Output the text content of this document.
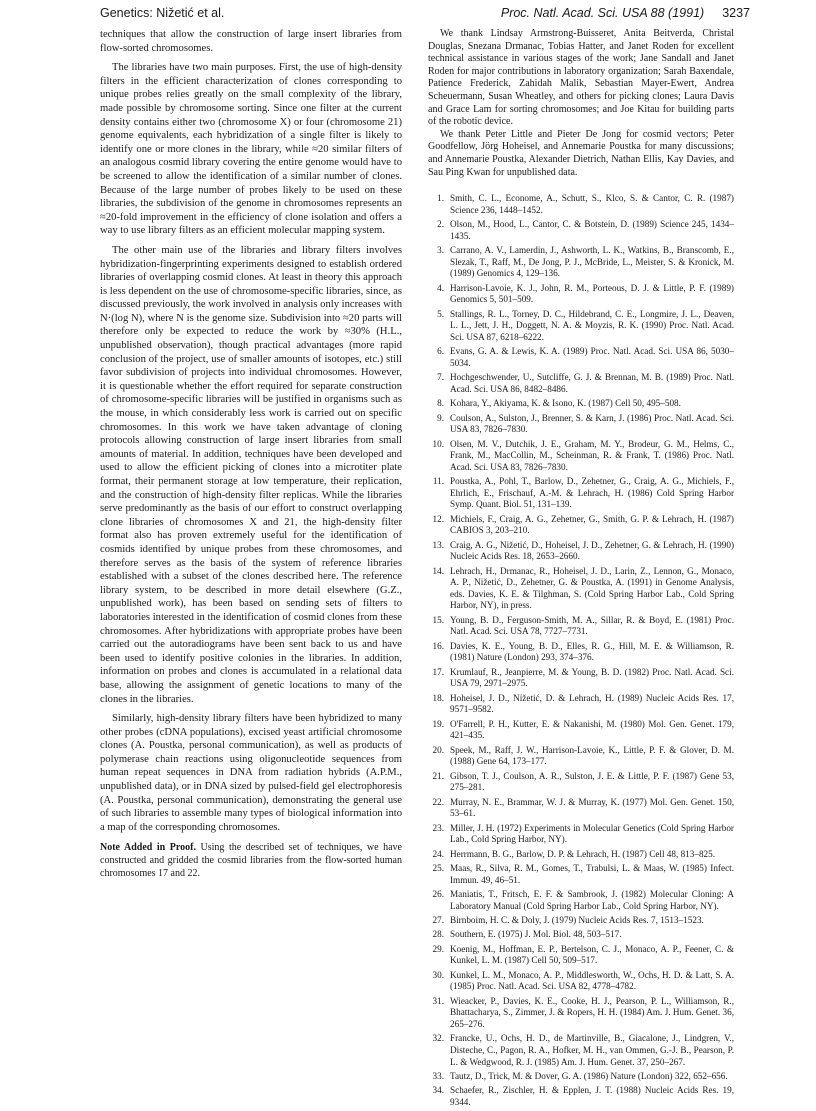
Genetics: Nižetić et al.	Proc. Natl. Acad. Sci. USA 88 (1991) 3237

techniques that allow the construction of large insert libraries from flow-sorted chromosomes.

The libraries have two main purposes. First, the use of high-density filters in the efficient characterization of clones corresponding to unique probes relies greatly on the small complexity of the library, made possible by chromosome sorting. Since one filter at the current density contains either two (chromosome X) or four (chromosome 21) genome equivalents, each hybridization of a single filter is likely to identify one or more clones in the library, while ≈20 similar filters of an analogous cosmid library covering the entire genome would have to be screened to allow the identification of a similar number of clones. Because of the large number of probes likely to be used on these libraries, the subdivision of the genome in chromosomes represents an ≈20-fold improvement in the efficiency of clone isolation and offers a way to use library filters as an efficient molecular mapping system.

The other main use of the libraries and library filters involves hybridization-fingerprinting experiments designed to establish ordered libraries of overlapping cosmid clones. At least in theory this approach is less dependent on the use of chromosome-specific libraries, since, as discussed previously, the work involved in analysis only increases with N·(log N), where N is the genome size. Subdivision into ≈20 parts will therefore only be expected to reduce the work by ≈30% (H.L., unpublished observation), though practical advantages (more rapid conclusion of the project, use of smaller amounts of isotopes, etc.) still favor subdivision of projects into individual chromosomes. However, it is questionable whether the effort required for separate construction of chromosome-specific libraries will be justified in organisms such as the mouse, in which considerably less work is carried out on specific chromosomes. In this work we have taken advantage of cloning protocols allowing construction of large insert libraries from small amounts of material. In addition, techniques have been developed and used to allow the efficient picking of clones into a microtiter plate format, their permanent storage at low temperature, their replication, and the construction of high-density filter replicas. While the libraries serve predominantly as the basis of our effort to construct overlapping clone libraries of chromosomes X and 21, the high-density filter format also has proven extremely useful for the identification of cosmids identified by unique probes from these chromosomes, and therefore serves as the basis of the system of reference libraries established with a subset of the clones described here. The reference library system, to be described in more detail elsewhere (G.Z., unpublished work), has been based on sending sets of filters to laboratories interested in the identification of cosmid clones from these chromosomes. After hybridizations with appropriate probes have been carried out the autoradiograms have been sent back to us and have been used to identify positive colonies in the libraries. In addition, information on probes and clones is accumulated in a relational data base, allowing the assignment of genetic locations to many of the clones in the libraries.

Similarly, high-density library filters have been hybridized to many other probes (cDNA populations), excised yeast artificial chromosome clones (A. Poustka, personal communication), as well as products of polymerase chain reactions using oligonucleotide sequences from human repeat sequences in DNA from radiation hybrids (A.P.M., unpublished data), or in DNA sized by pulsed-field gel electrophoresis (A. Poustka, personal communication), demonstrating the general use of such libraries to assemble many types of biological information into a map of the corresponding chromosomes.

Note Added in Proof. Using the described set of techniques, we have constructed and gridded the cosmid libraries from the flow-sorted human chromosomes 17 and 22.

We thank Lindsay Armstrong-Buisseret, Anita Beitverda, Christal Douglas, Snezana Drmanac, Tobias Hatter, and Janet Roden for excellent technical assistance in various stages of the work; Jane Sandall and Janet Roden for major contributions in laboratory organization; Sarah Baxendale, Patience Frederick, Zahidah Malik, Sebastian Mayer-Ewert, Andrea Scheuermann, Susan Wheatley, and others for picking clones; Laura Davis and Grace Lam for sorting chromosomes; and Joe Kitau for building parts of the robotic device.

We thank Peter Little and Pieter De Jong for cosmid vectors; Peter Goodfellow, Jörg Hoheisel, and Annemarie Poustka for many discussions; and Annemarie Poustka, Alexander Dietrich, Nathan Ellis, Kay Davies, and Sau Ping Kwan for unpublished data.

1. Smith, C. L., Econome, A., Schutt, S., Klco, S. & Cantor, C. R. (1987) Science 236, 1448–1452.
2. Olson, M., Hood, L., Cantor, C. & Botstein, D. (1989) Science 245, 1434–1435.
3. Carrano, A. V., Lamerdin, J., Ashworth, L. K., Watkins, B., Branscomb, E., Slezak, T., Raff, M., De Jong, P. J., McBride, L., Meister, S. & Kronick, M. (1989) Genomics 4, 129–136.
4. Harrison-Lavoie, K. J., John, R. M., Porteous, D. J. & Little, P. F. (1989) Genomics 5, 501–509.
5. Stallings, R. L., Torney, D. C., Hildebrand, C. E., Longmire, J. L., Deaven, L. L., Jett, J. H., Doggett, N. A. & Moyzis, R. K. (1990) Proc. Natl. Acad. Sci. USA 87, 6218–6222.
6. Evans, G. A. & Lewis, K. A. (1989) Proc. Natl. Acad. Sci. USA 86, 5030–5034.
7. Hochgeschwender, U., Sutcliffe, G. J. & Brennan, M. B. (1989) Proc. Natl. Acad. Sci. USA 86, 8482–8486.
8. Kohara, Y., Akiyama, K. & Isono, K. (1987) Cell 50, 495–508.
9. Coulson, A., Sulston, J., Brenner, S. & Karn, J. (1986) Proc. Natl. Acad. Sci. USA 83, 7826–7830.
10. Olsen, M. V., Dutchik, J. E., Graham, M. Y., Brodeur, G. M., Helms, C., Frank, M., MacCollin, M., Scheinman, R. & Frank, T. (1986) Proc. Natl. Acad. Sci. USA 83, 7826–7830.
11. Poustka, A., Pohl, T., Barlow, D., Zehetner, G., Craig, A. G., Michiels, F., Ehrlich, E., Frischauf, A.-M. & Lehrach, H. (1986) Cold Spring Harbor Symp. Quant. Biol. 51, 131–139.
12. Michiels, F., Craig, A. G., Zehetner, G., Smith, G. P. & Lehrach, H. (1987) CABIOS 3, 203–210.
13. Craig, A. G., Nižetić, D., Hoheisel, J. D., Zehetner, G. & Lehrach, H. (1990) Nucleic Acids Res. 18, 2653–2660.
14. Lehrach, H., Drmanac, R., Hoheisel, J. D., Larin, Z., Lennon, G., Monaco, A. P., Nižetić, D., Zehetner, G. & Poustka, A. (1991) in Genome Analysis, eds. Davies, K. E. & Tilghman, S. (Cold Spring Harbor Lab., Cold Spring Harbor, NY), in press.
15. Young, B. D., Ferguson-Smith, M. A., Sillar, R. & Boyd, E. (1981) Proc. Natl. Acad. Sci. USA 78, 7727–7731.
16. Davies, K. E., Young, B. D., Elles, R. G., Hill, M. E. & Williamson, R. (1981) Nature (London) 293, 374–376.
17. Krumlauf, R., Jeanpierre, M. & Young, B. D. (1982) Proc. Natl. Acad. Sci. USA 79, 2971–2975.
18. Hoheisel, J. D., Nižetić, D. & Lehrach, H. (1989) Nucleic Acids Res. 17, 9571–9582.
19. O'Farrell, P. H., Kutter, E. & Nakanishi, M. (1980) Mol. Gen. Genet. 179, 421–435.
20. Speek, M., Raff, J. W., Harrison-Lavoie, K., Little, P. F. & Glover, D. M. (1988) Gene 64, 173–177.
21. Gibson, T. J., Coulson, A. R., Sulston, J. E. & Little, P. F. (1987) Gene 53, 275–281.
22. Murray, N. E., Brammar, W. J. & Murray, K. (1977) Mol. Gen. Genet. 150, 53–61.
23. Miller, J. H. (1972) Experiments in Molecular Genetics (Cold Spring Harbor Lab., Cold Spring Harbor, NY).
24. Herrmann, B. G., Barlow, D. P. & Lehrach, H. (1987) Cell 48, 813–825.
25. Maas, R., Silva, R. M., Gomes, T., Trabulsi, L. & Maas, W. (1985) Infect. Immun. 49, 46–51.
26. Maniatis, T., Fritsch, E. F. & Sambrook, J. (1982) Molecular Cloning: A Laboratory Manual (Cold Spring Harbor Lab., Cold Spring Harbor, NY).
27. Birnboim, H. C. & Doly, J. (1979) Nucleic Acids Res. 7, 1513–1523.
28. Southern, E. (1975) J. Mol. Biol. 48, 503–517.
29. Koenig, M., Hoffman, E. P., Bertelson, C. J., Monaco, A. P., Feener, C. & Kunkel, L. M. (1987) Cell 50, 509–517.
30. Kunkel, L. M., Monaco, A. P., Middlesworth, W., Ochs, H. D. & Latt, S. A. (1985) Proc. Natl. Acad. Sci. USA 82, 4778–4782.
31. Wieacker, P., Davies, K. E., Cooke, H. J., Pearson, P. L., Williamson, R., Bhattacharya, S., Zimmer, J. & Ropers, H. H. (1984) Am. J. Hum. Genet. 36, 265–276.
32. Francke, U., Ochs, H. D., de Martinville, B., Giacalone, J., Lindgren, V., Disteche, C., Pagon, R. A., Hofker, M. H., van Ommen, G.-J. B., Pearson, P. L. & Wedgwood, R. J. (1985) Am. J. Hum. Genet. 37, 250–267.
33. Tautz, D., Trick, M. & Dover, G. A. (1986) Nature (London) 322, 652–656.
34. Schaefer, R., Zischler, H. & Epplen, J. T. (1988) Nucleic Acids Res. 19, 9344.
